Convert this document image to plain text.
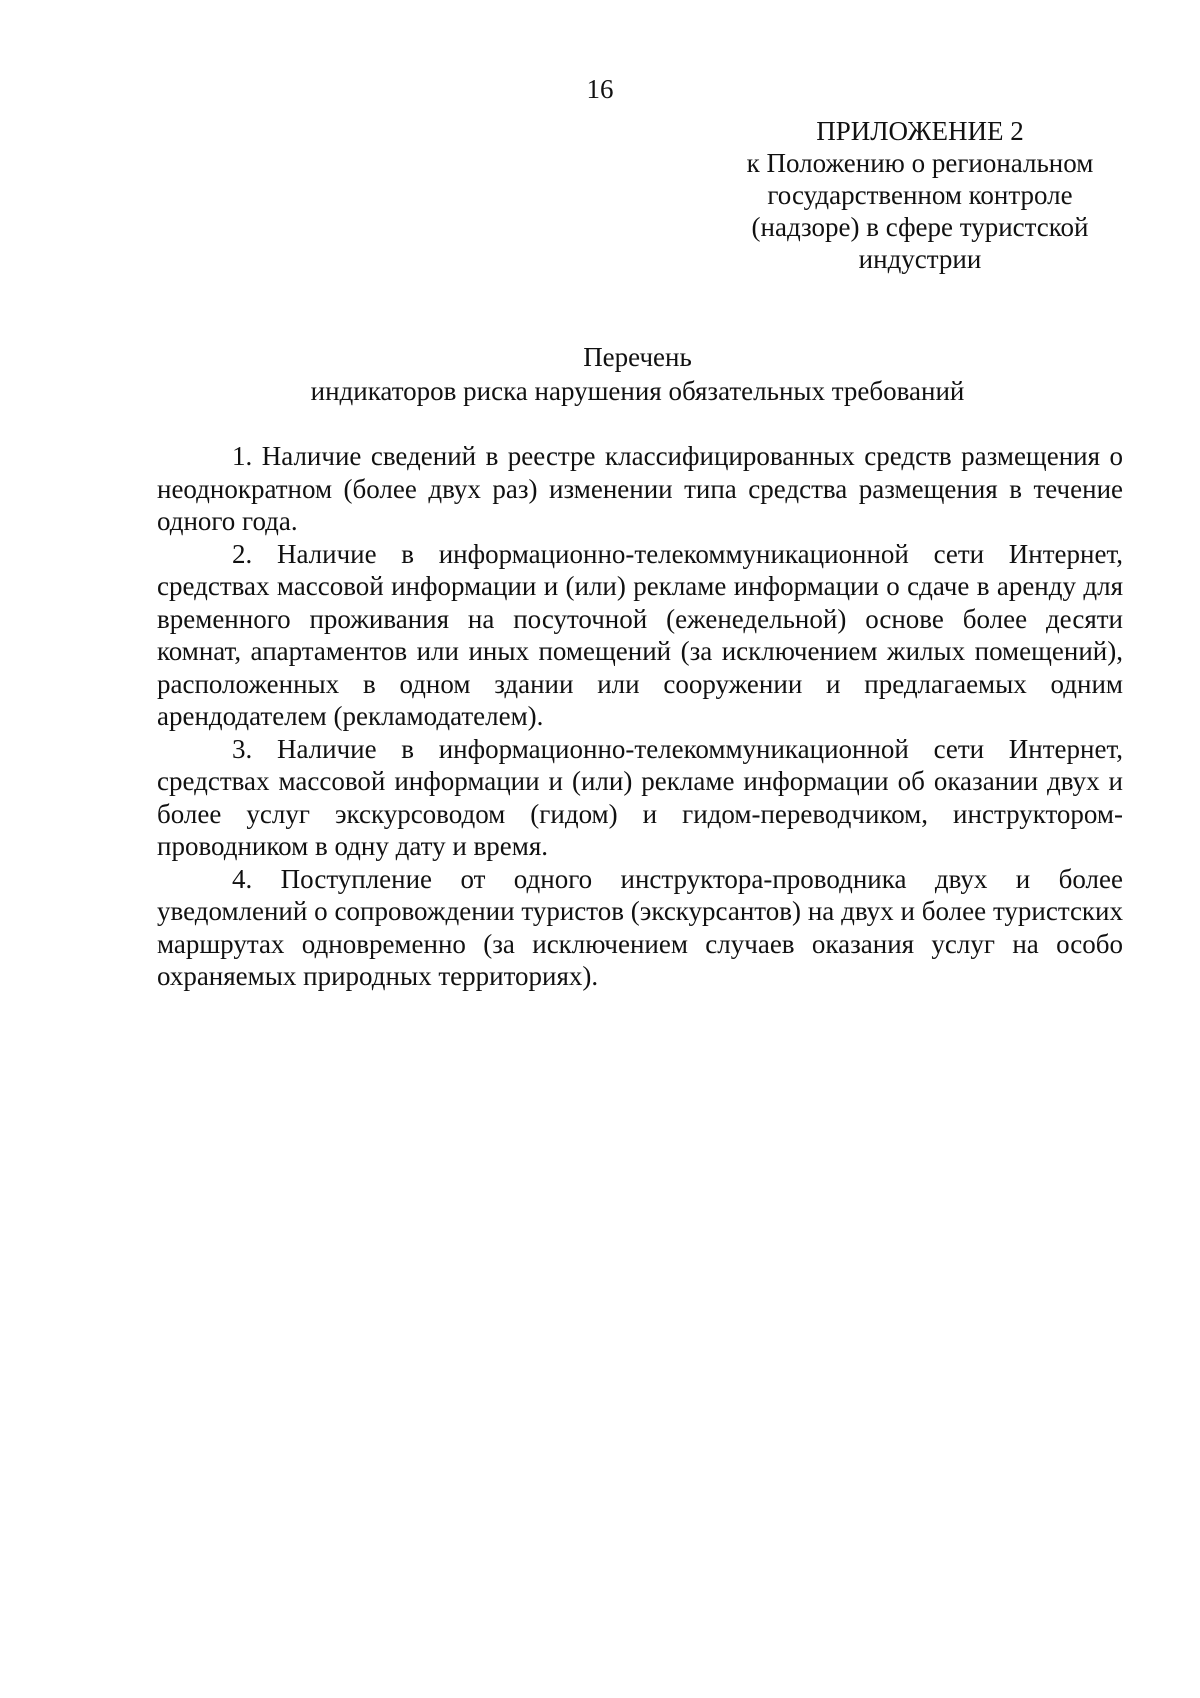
16
ПРИЛОЖЕНИЕ 2
к Положению о региональном
государственном контроле
(надзоре) в сфере туристской
индустрии
Перечень
индикаторов риска нарушения обязательных требований

1. Наличие сведений в реестре классифицированных средств размещения о неоднократном (более двух раз) изменении типа средства размещения в течение одного года.

2. Наличие в информационно-телекоммуникационной сети Интернет, средствах массовой информации и (или) рекламе информации о сдаче в аренду для временного проживания на посуточной (еженедельной) основе более десяти комнат, апартаментов или иных помещений (за исключением жилых помещений), расположенных в одном здании или сооружении и предлагаемых одним арендодателем (рекламодателем).

3. Наличие в информационно-телекоммуникационной сети Интернет, средствах массовой информации и (или) рекламе информации об оказании двух и более услуг экскурсоводом (гидом) и гидом-переводчиком, инструктором-проводником в одну дату и время.

4. Поступление от одного инструктора-проводника двух и более уведомлений о сопровождении туристов (экскурсантов) на двух и более туристских маршрутах одновременно (за исключением случаев оказания услуг на особо охраняемых природных территориях).
